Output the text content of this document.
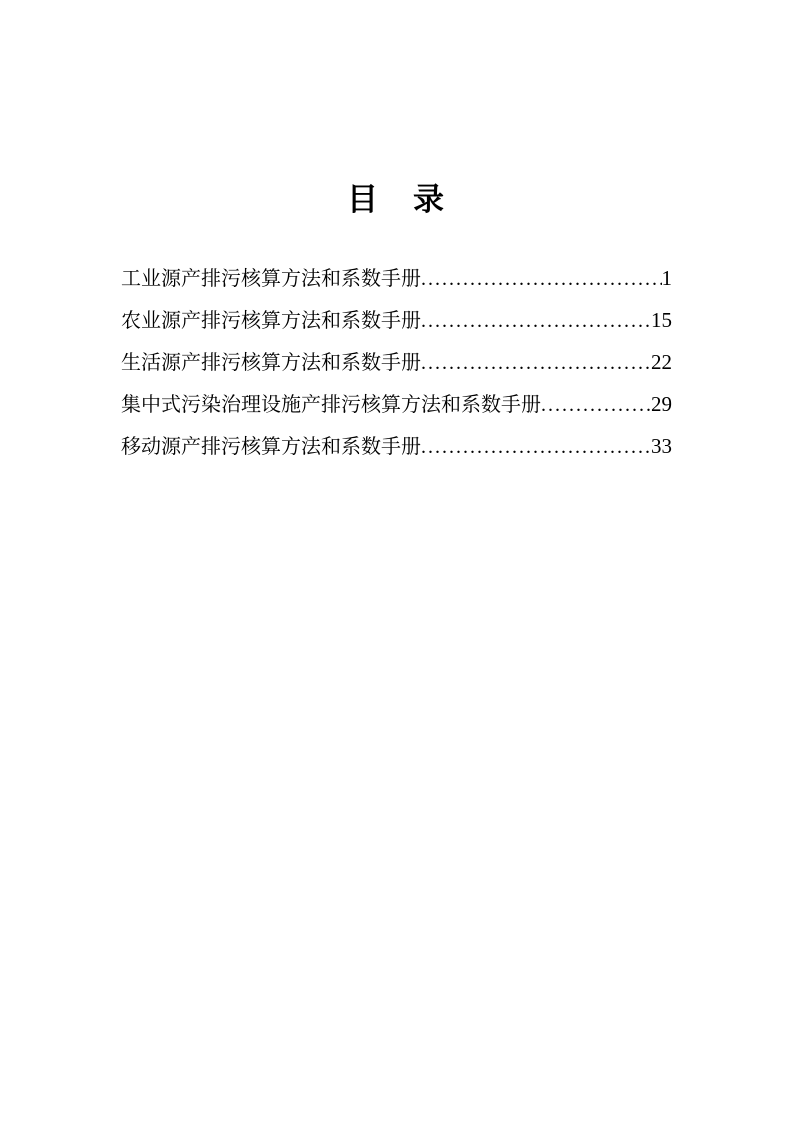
目　录
工业源产排污核算方法和系数手册 .....	1
农业源产排污核算方法和系数手册 .....	15
生活源产排污核算方法和系数手册 .....	22
集中式污染治理设施产排污核算方法和系数手册 .....	29
移动源产排污核算方法和系数手册 .....	33
